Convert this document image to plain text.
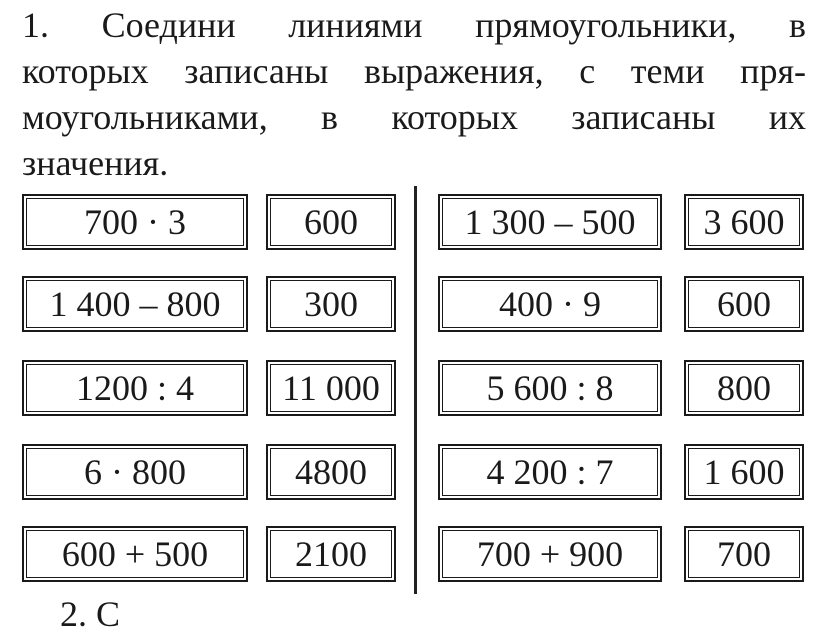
1. Соедини линиями прямоугольники, в
которых записаны выражения, с теми пря-
моугольниками, в которых записаны их
значения.
700 · 3
1 400 – 800
1200 : 4
6 · 800
600 + 500
600
300
11 000
4800
2100
1 300 – 500
400 · 9
5 600 : 8
4 200 : 7
700 + 900
3 600
600
800
1 600
700
2. С
